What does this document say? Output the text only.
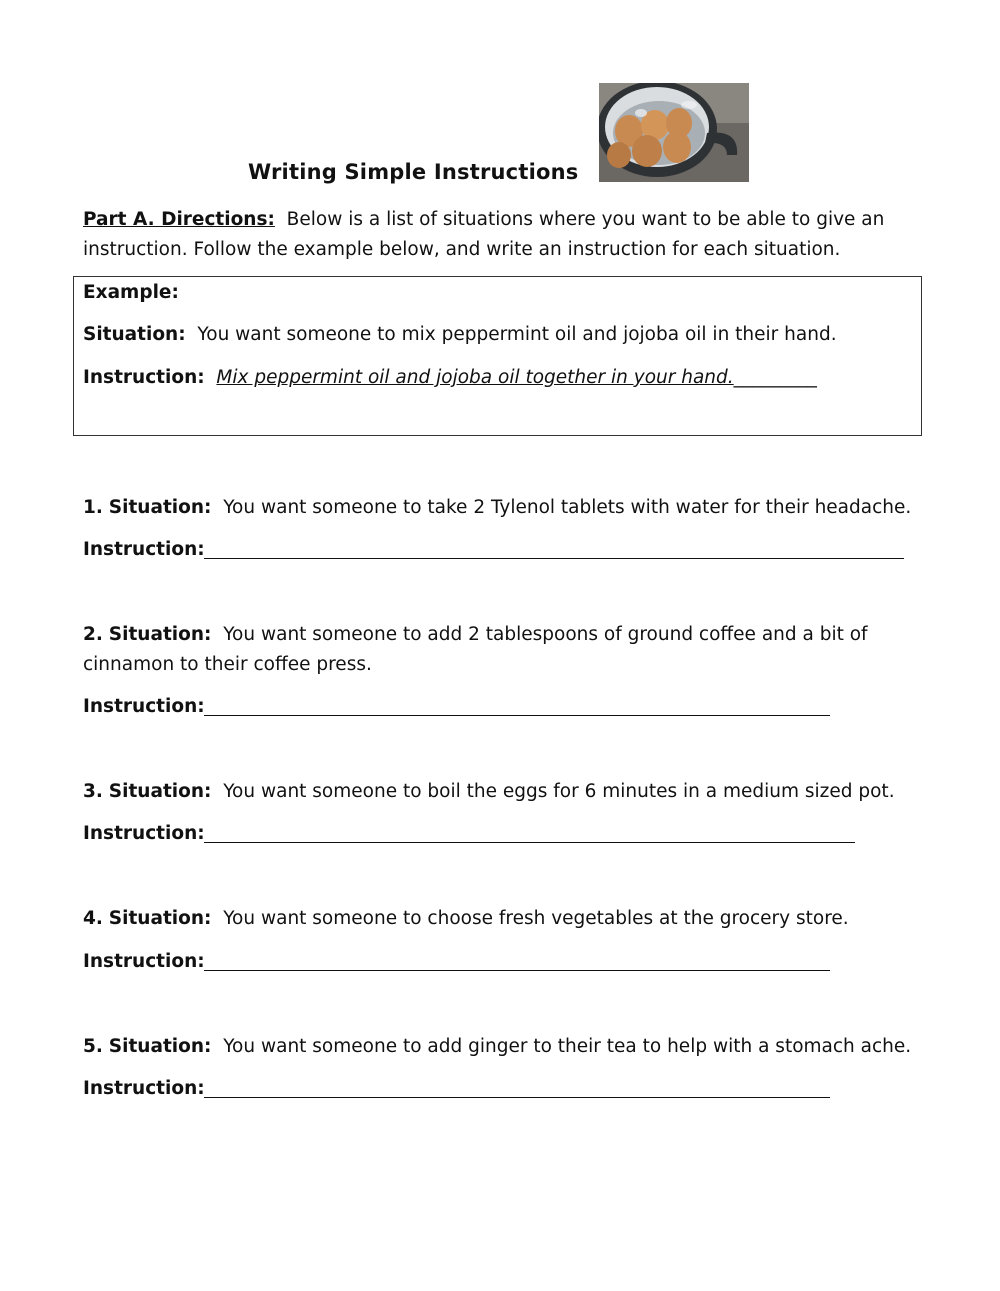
Writing Simple Instructions
Part A. Directions: Below is a list of situations where you want to be able to give an instruction. Follow the example below, and write an instruction for each situation.
Example:
Situation: You want someone to mix peppermint oil and jojoba oil in their hand.
Instruction: Mix peppermint oil and jojoba oil together in your hand._________
1. Situation: You want someone to take 2 Tylenol tablets with water for their headache.
Instruction:
2. Situation: You want someone to add 2 tablespoons of ground coffee and a bit of cinnamon to their coffee press.
Instruction:
3. Situation: You want someone to boil the eggs for 6 minutes in a medium sized pot.
Instruction:
4. Situation: You want someone to choose fresh vegetables at the grocery store.
Instruction:
5. Situation: You want someone to add ginger to their tea to help with a stomach ache.
Instruction:
